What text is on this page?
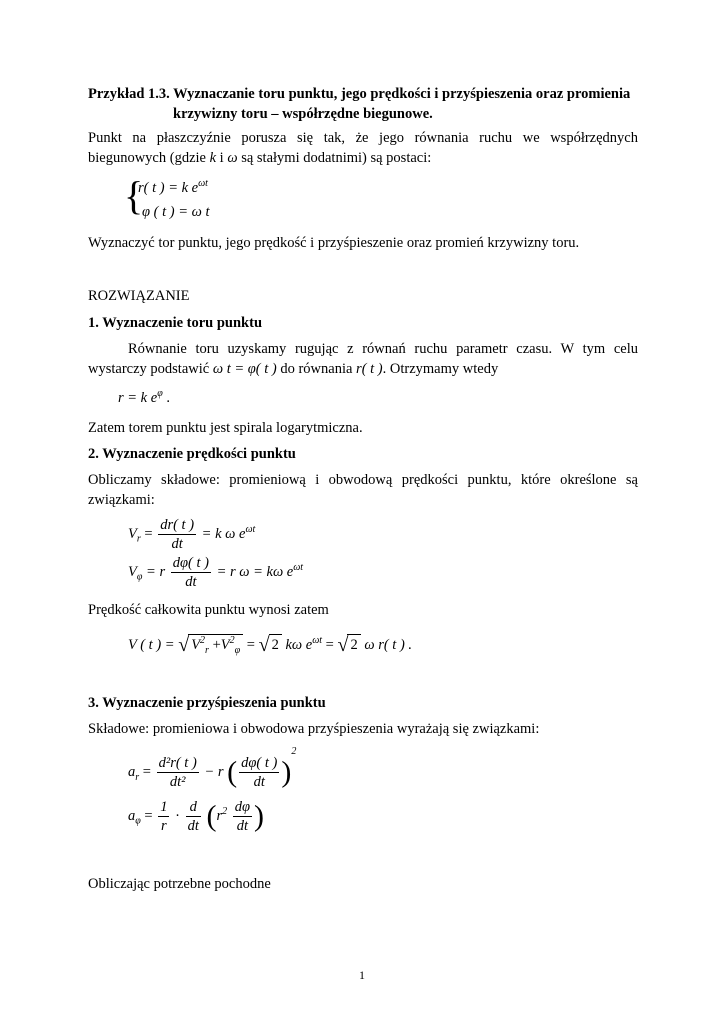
Przykład 1.3. Wyznaczanie toru punktu, jego prędkości i przyśpieszenia oraz promienia
krzywizny toru – współrzędne biegunowe.
Punkt na płaszczyźnie porusza się tak, że jego równania ruchu we współrzędnych
biegunowych (gdzie k i ω są stałymi dodatnimi) są postaci:
{
r( t ) = k $e^{\omega t}$
φ ( t ) = ω t
Wyznaczyć tor punktu, jego prędkość i przyśpieszenie oraz promień krzywizny toru.
ROZWIĄZANIE
1. Wyznaczenie toru punktu
Równanie toru uzyskamy rugując z równań ruchu parametr czasu. W tym celu
wystarczy podstawić ω t = φ( t ) do równania r( t ). Otrzymamy wtedy
r = k $e^\varphi$ .
Zatem torem punktu jest spirala logarytmiczna.
2. Wyznaczenie prędkości punktu
Obliczamy składowe: promieniową i obwodową prędkości punktu, które określone są
związkami:
$V_r = \frac{dr( t )}{dt} = k$ ω $e^{\omega t}$
$V_\varphi = r \frac{d\varphi( t )}{dt} = r$ ω = kω $e^{\omega t}$
Prędkość całkowita punktu wynosi zatem
V ( t ) = √ $V^2_r +V^2_\varphi$ = √ 2 kω $e^{\omega t}$ = √ 2 ω r( t ) .
3. Wyznaczenie przyśpieszenia punktu
Składowe: promieniowa i obwodowa przyśpieszenia wyrażają się związkami:
$a_r = \frac{\text{d²r( t )}}{\text{dt²}} - r$ ( $\frac{d\varphi( t )}{dt} )^2$
$a_\varphi = \frac{1}{r} \cdot \frac{d}{dt} (r^2 \frac{d\varphi}{dt}$ )
Obliczając potrzebne pochodne
1
